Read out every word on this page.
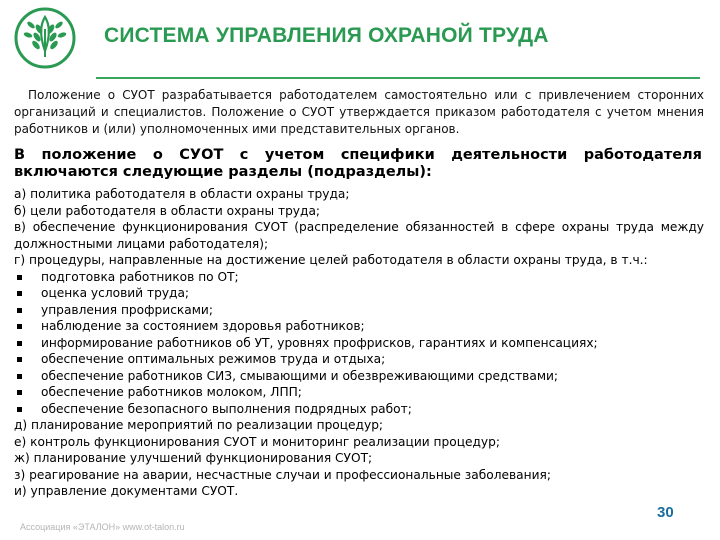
СИСТЕМА УПРАВЛЕНИЯ ОХРАНОЙ ТРУДА
Положение о СУОТ разрабатывается работодателем самостоятельно или с привлечением сторонних организаций и специалистов. Положение о СУОТ утверждается приказом работодателя с учетом мнения работников и (или) уполномоченных ими представительных органов.
В положение о СУОТ с учетом специфики деятельности работодателя включаются следующие разделы (подразделы):
а) политика работодателя в области охраны труда;
б) цели работодателя в области охраны труда;
в) обеспечение функционирования СУОТ (распределение обязанностей в сфере охраны труда между должностными лицами работодателя);
г) процедуры, направленные на достижение целей работодателя в области охраны труда, в т.ч.:
подготовка работников по ОТ;
оценка условий труда;
управления профрисками;
наблюдение за состоянием здоровья работников;
информирование работников об УТ, уровнях профрисков, гарантиях и компенсациях;
обеспечение оптимальных режимов труда и отдыха;
обеспечение работников СИЗ, смывающими и обезвреживающими средствами;
обеспечение работников молоком, ЛПП;
обеспечение безопасного выполнения подрядных работ;
д) планирование мероприятий по реализации процедур;
е) контроль функционирования СУОТ и мониторинг реализации процедур;
ж) планирование улучшений функционирования СУОТ;
з) реагирование на аварии, несчастные случаи и профессиональные заболевания;
и) управление документами СУОТ.
Ассоциация «ЭТАЛОН» www.ot-talon.ru
30
